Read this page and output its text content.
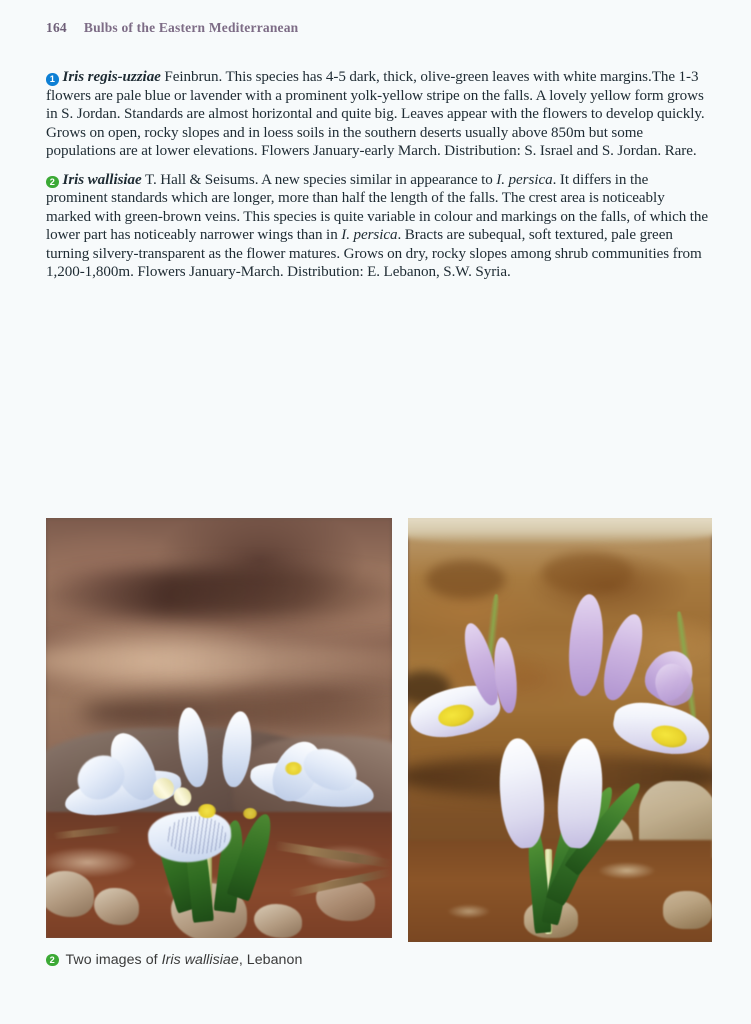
164 Bulbs of the Eastern Mediterranean

1 Iris regis-uzziae Feinbrun. This species has 4-5 dark, thick, olive-green leaves with white margins.The 1-3 flowers are pale blue or lavender with a prominent yolk-yellow stripe on the falls. A lovely yellow form grows in S. Jordan. Standards are almost horizontal and quite big. Leaves appear with the flowers to develop quickly. Grows on open, rocky slopes and in loess soils in the southern deserts usually above 850m but some populations are at lower elevations. Flowers January-early March. Distribution: S. Israel and S. Jordan. Rare.

2 Iris wallisiae T. Hall & Seisums. A new species similar in appearance to I. persica. It differs in the prominent standards which are longer, more than half the length of the falls. The crest area is noticeably marked with green-brown veins. This species is quite variable in colour and markings on the falls, of which the lower part has noticeably narrower wings than in I. persica. Bracts are subequal, soft textured, pale green turning silvery-transparent as the flower matures. Grows on dry, rocky slopes among shrub communities from 1,200-1,800m. Flowers January-March. Distribution: E. Lebanon, S.W. Syria.

2 Two images of Iris wallisiae, Lebanon
